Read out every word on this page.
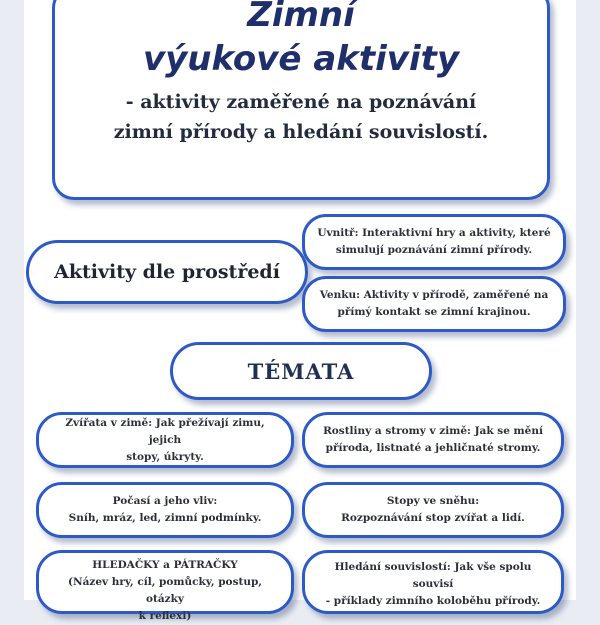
Zimní
výukové aktivity
- aktivity zaměřené na poznávání
zimní přírody a hledání souvislostí.
Aktivity dle prostředí
Uvnitř: Interaktivní hry a aktivity, které
simulují poznávání zimní přírody.
Venku: Aktivity v přírodě, zaměřené na
přímý kontakt se zimní krajinou.
TÉMATA
Zvířata v zimě: Jak přežívají zimu, jejich
stopy, úkryty.
Rostliny a stromy v zimě: Jak se mění
příroda, listnaté a jehličnaté stromy.
Počasí a jeho vliv:
Sníh, mráz, led, zimní podmínky.
Stopy ve sněhu:
Rozpoznávání stop zvířat a lidí.
HLEDAČKY a PÁTRAČKY
(Název hry, cíl, pomůcky, postup, otázky
k reflexi)
Hledání souvislostí: Jak vše spolu souvisí
- příklady zimního koloběhu přírody.
